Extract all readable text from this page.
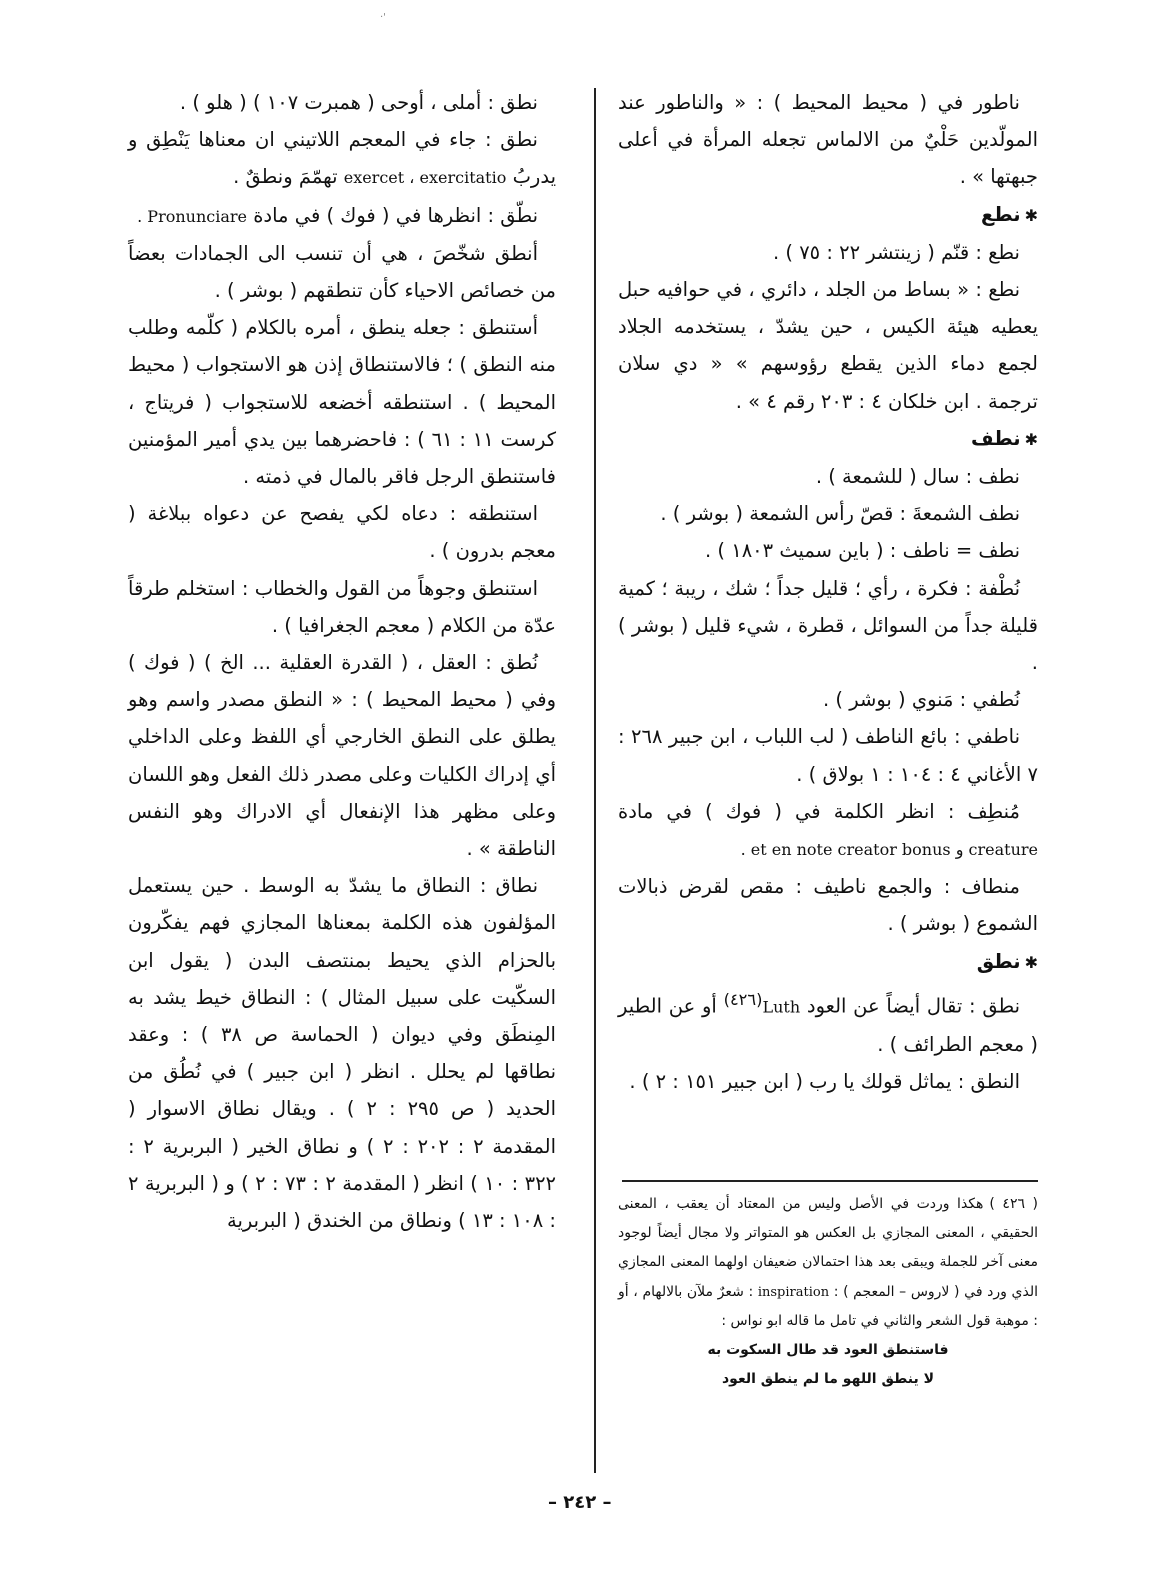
·'

ناطور في ( محيط المحيط ) : « والناطور عند المولّدين حَلْيٌ من الالماس تجعله المرأة في أعلى جبهتها » .

✱نطع

نطع : قنّم ( زينتشر ٢٢ : ٧٥ ) .

نطع : « بساط من الجلد ، دائري ، في حوافيه حبل يعطيه هيئة الكيس ، حين يشدّ ، يستخدمه الجلاد لجمع دماء الذين يقطع رؤوسهم » « دي سلان ترجمة . ابن خلكان ٤ : ٢٠٣ رقم ٤ » .

✱نطف

نطف : سال ( للشمعة ) .

نطف الشمعةَ : قصّ رأس الشمعة ( بوشر ) .

نطف = ناطف : ( باين سميث ١٨٠٣ ) .

نُطْفة : فكرة ، رأي ؛ قليل جداً ؛ شك ، ريبة ؛ كمية قليلة جداً من السوائل ، قطرة ، شيء قليل ( بوشر ) .

نُطفي : مَنوي ( بوشر ) .

ناطفي : بائع الناطف ( لب اللباب ، ابن جبير ٢٦٨ : ٧ الأغاني ٤ : ١٠٤ : ١ بولاق ) .

مُنطِف : انظر الكلمة في ( فوك ) في مادة creature و et en note creator bonus .

منطاف : والجمع ناطيف : مقص لقرض ذبالات الشموع ( بوشر ) .

✱نطق

نطق : تقال أيضاً عن العود Luth$^{(٤٢٦)}$ أو عن الطير ( معجم الطرائف ) .

النطق : يماثل قولك يا رب ( ابن جبير ١٥١ : ٢ ) .

نطق : أملى ، أوحى ( همبرت ١٠٧ ) ( هلو ) .

نطق : جاء في المعجم اللاتيني ان معناها يَنْطِق و يدربُ exercet ، exercitatio تهمّمَ ونطقٌ .

نطّق : انظرها في ( فوك ) في مادة Pronunciare .

أنطق شخّصَ ، هي أن تنسب الى الجمادات بعضاً من خصائص الاحياء كأن تنطقهم ( بوشر ) .

أستنطق : جعله ينطق ، أمره بالكلام ( كلّمه وطلب منه النطق ) ؛ فالاستنطاق إذن هو الاستجواب ( محيط المحيط ) . استنطقه أخضعه للاستجواب ( فريتاج ، كرست ١١ : ٦١ ) : فاحضرهما بين يدي أمير المؤمنين فاستنطق الرجل فاقر بالمال في ذمته .

استنطقه : دعاه لكي يفصح عن دعواه ببلاغة ( معجم بدرون ) .

استنطق وجوهاً من القول والخطاب : استخلم طرقاً عدّة من الكلام ( معجم الجغرافيا ) .

نُطق : العقل ، ( القدرة العقلية ... الخ ) ( فوك ) وفي ( محيط المحيط ) : « النطق مصدر واسم وهو يطلق على النطق الخارجي أي اللفظ وعلى الداخلي أي إدراك الكليات وعلى مصدر ذلك الفعل وهو اللسان وعلى مظهر هذا الإنفعال أي الادراك وهو النفس الناطقة » .

نطاق : النطاق ما يشدّ به الوسط . حين يستعمل المؤلفون هذه الكلمة بمعناها المجازي فهم يفكّرون بالحزام الذي يحيط بمنتصف البدن ( يقول ابن السكّيت على سبيل المثال ) : النطاق خيط يشد به المِنطَق وفي ديوان ( الحماسة ص ٣٨ ) : وعقد نطاقها لم يحلل . انظر ( ابن جبير ) في نُطُق من الحديد ( ص ٢٩٥ : ٢ ) . ويقال نطاق الاسوار ( المقدمة ٢ : ٢٠٢ : ٢ ) و نطاق الخير ( البربرية ٢ : ٣٢٢ : ١٠ ) انظر ( المقدمة ٢ : ٧٣ : ٢ ) و ( البربرية ٢ : ١٠٨ : ١٣ ) ونطاق من الخندق ( البربرية

( ٤٢٦ )هكذا وردت في الأصل وليس من المعتاد أن يعقب ، المعنى الحقيقي ، المعنى المجازي بل العكس هو المتواتر ولا مجال أيضاً لوجود معنى آخر للجملة ويبقى بعد هذا احتمالان ضعيفان اولهما المعنى المجازي الذي ورد في ( لاروس – المعجم ) : inspiration : شعرٌ ملآن بالالهام ، أو : موهبة قول الشعر والثاني في تامل ما قاله ابو نواس :

فاستنطق العود قد طال السكوت به

لا ينطق اللهو ما لم ينطق العود

– ٢٤٢ –
